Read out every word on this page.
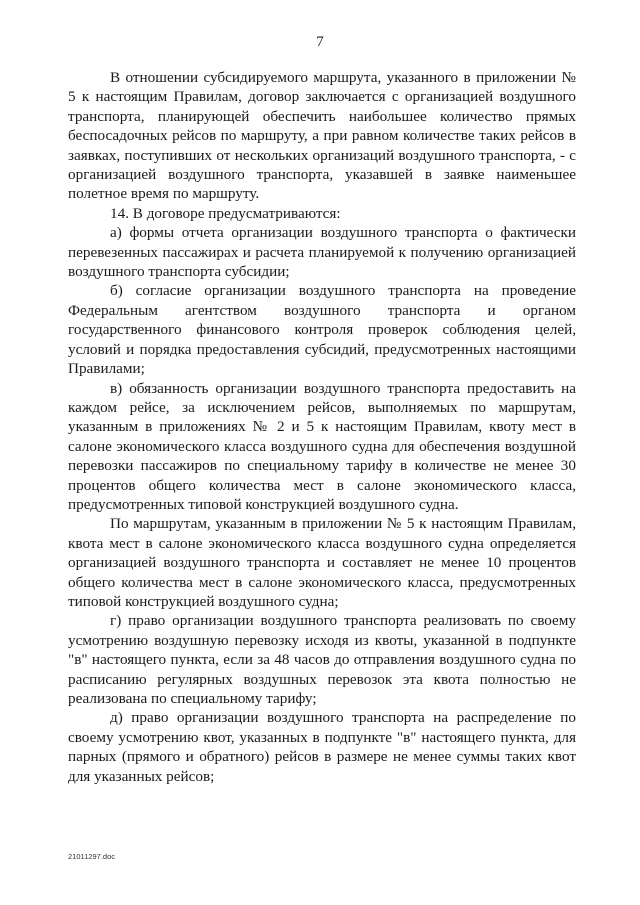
7

В отношении субсидируемого маршрута, указанного в приложении № 5 к настоящим Правилам, договор заключается с организацией воздушного транспорта, планирующей обеспечить наибольшее количество прямых беспосадочных рейсов по маршруту, а при равном количестве таких рейсов в заявках, поступивших от нескольких организаций воздушного транспорта, - с организацией воздушного транспорта, указавшей в заявке наименьшее полетное время по маршруту.

14. В договоре предусматриваются:

а) формы отчета организации воздушного транспорта о фактически перевезенных пассажирах и расчета планируемой к получению организацией воздушного транспорта субсидии;

б) согласие организации воздушного транспорта на проведение Федеральным агентством воздушного транспорта и органом государственного финансового контроля проверок соблюдения целей, условий и порядка предоставления субсидий, предусмотренных настоящими Правилами;

в) обязанность организации воздушного транспорта предоставить на каждом рейсе, за исключением рейсов, выполняемых по маршрутам, указанным в приложениях № 2 и 5 к настоящим Правилам, квоту мест в салоне экономического класса воздушного судна для обеспечения воздушной перевозки пассажиров по специальному тарифу в количестве не менее 30 процентов общего количества мест в салоне экономического класса, предусмотренных типовой конструкцией воздушного судна.

По маршрутам, указанным в приложении № 5 к настоящим Правилам, квота мест в салоне экономического класса воздушного судна определяется организацией воздушного транспорта и составляет не менее 10 процентов общего количества мест в салоне экономического класса, предусмотренных типовой конструкцией воздушного судна;

г) право организации воздушного транспорта реализовать по своему усмотрению воздушную перевозку исходя из квоты, указанной в подпункте "в" настоящего пункта, если за 48 часов до отправления воздушного судна по расписанию регулярных воздушных перевозок эта квота полностью не реализована по специальному тарифу;

д) право организации воздушного транспорта на распределение по своему усмотрению квот, указанных в подпункте "в" настоящего пункта, для парных (прямого и обратного) рейсов в размере не менее суммы таких квот для указанных рейсов;

21011297.doc
